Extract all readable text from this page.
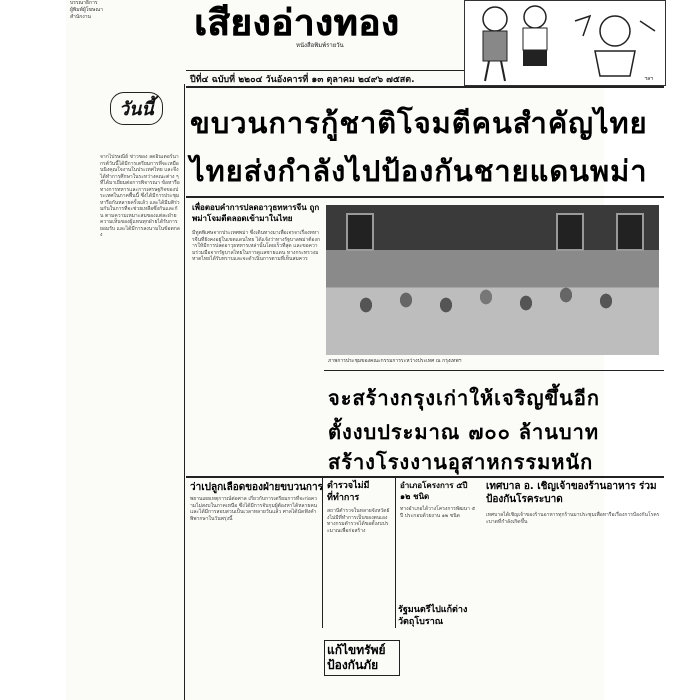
เสียงอ่างทอง
หนังสือพิมพ์รายวัน
บรรณาธิการ
ผู้พิมพ์ผู้โฆษณา
สำนักงาน
ฯลฯ
ปีที่๔ ฉบับที่ ๒๒๐๔ วันอังคารที่ ๑๓ ตุลาคม ๒๔๙๖ ๗๕สต.
วันนี้
จากไปรษณีย์ ข่าวของ ลดอินเตอร์นากรต์วันนี้ได้มีการเตรียมการที่จะเหมือนนิงคุณใจงานในประเทศไทย และจึงได้ทำการศึกษาในระหว่างคณะต่าง ๆ ที่ได้มาเยี่ยมต่อการพิจารณา ข้อหารือทางการทหารและการเศรษฐกิจของประเทศในภาคพื้นนี้ ซึ่งได้มีการประชุมหารือกันหลายครั้งแล้ว และได้มีมติร่วมกันในการที่จะช่วยเหลือซึ่งกันและกัน ตามความเหมาะสมของแต่ละฝ่าย ความเห็นของผู้แทนทุกฝ่ายได้รับการยอมรับ และได้มีการลงนามในข้อตกลง
ขบวนการกู้ชาติโจมตีคนสำคัญไทย
ไทยส่งกำลังไปป้องกันชายแดนพม่า
เพื่อตอบคำการปลดอาวุธทหารจีน ถูกพม่าโจมตีตลอดเข้ามาในไทย
มีทูตพิเศษจากประเทศพม่า ซึ่งเดินทางมาเพื่อเจรจาเรื่องทหารจีนที่ยังคงอยู่ในเขตแดนไทย ได้แจ้งว่าทางรัฐบาลพม่าต้องการให้มีการปลดอาวุธทหารเหล่านั้นโดยเร็วที่สุด และขอความร่วมมือจากรัฐบาลไทยในการดูแลชายแดน ทางกระทรวงมหาดไทยได้รับทราบและจะดำเนินการตามที่เห็นสมควร
ภาพการประชุมของคณะกรรมการระหว่างประเทศ ณ กรุงเทพฯ
จะสร้างกรุงเก่าให้เจริญขึ้นอีก
ตั้งงบประมาณ ๗๐๐ ล้านบาท
สร้างโรงงานอุสาหกรรมหนัก
ว่าเปลูกเลือดของฝ่ายขบวนการ
พยานเผยเหตุการณ์ต่อศาล เกี่ยวกับการเตรียมการที่จะก่อความไม่สงบในภาคเหนือ ซึ่งได้มีการจับกุมผู้ต้องหาได้หลายคน และได้มีการสอบสวนเป็นเวลาหลายวันแล้ว ศาลได้นัดฟังคำพิพากษาในวันพรุ่งนี้
ตำรวจไม่มีที่ทำการ
สถานีตำรวจในหลายจังหวัดยังไม่มีที่ทำการเป็นของตนเอง ทางกรมตำรวจได้ขอตั้งงบประมาณเพื่อก่อสร้าง
อำเภอโครงการ ๕ปี ๑๒ ชนิด
ทางอำเภอได้วางโครงการพัฒนา ๕ ปี ประกอบด้วยงาน ๑๒ ชนิด
เทศบาล อ. เชิญเจ้าของร้านอาหาร ร่วมป้องกันโรคระบาด
เทศบาลได้เชิญเจ้าของร้านอาหารทุกร้านมาประชุมเพื่อหารือเรื่องการป้องกันโรคระบาดที่กำลังเกิดขึ้น
รัฐมนตรีไปแก้ต่างวัตถุโบราณ
แก้ไขทรัพย์ ป้องกันภัย
